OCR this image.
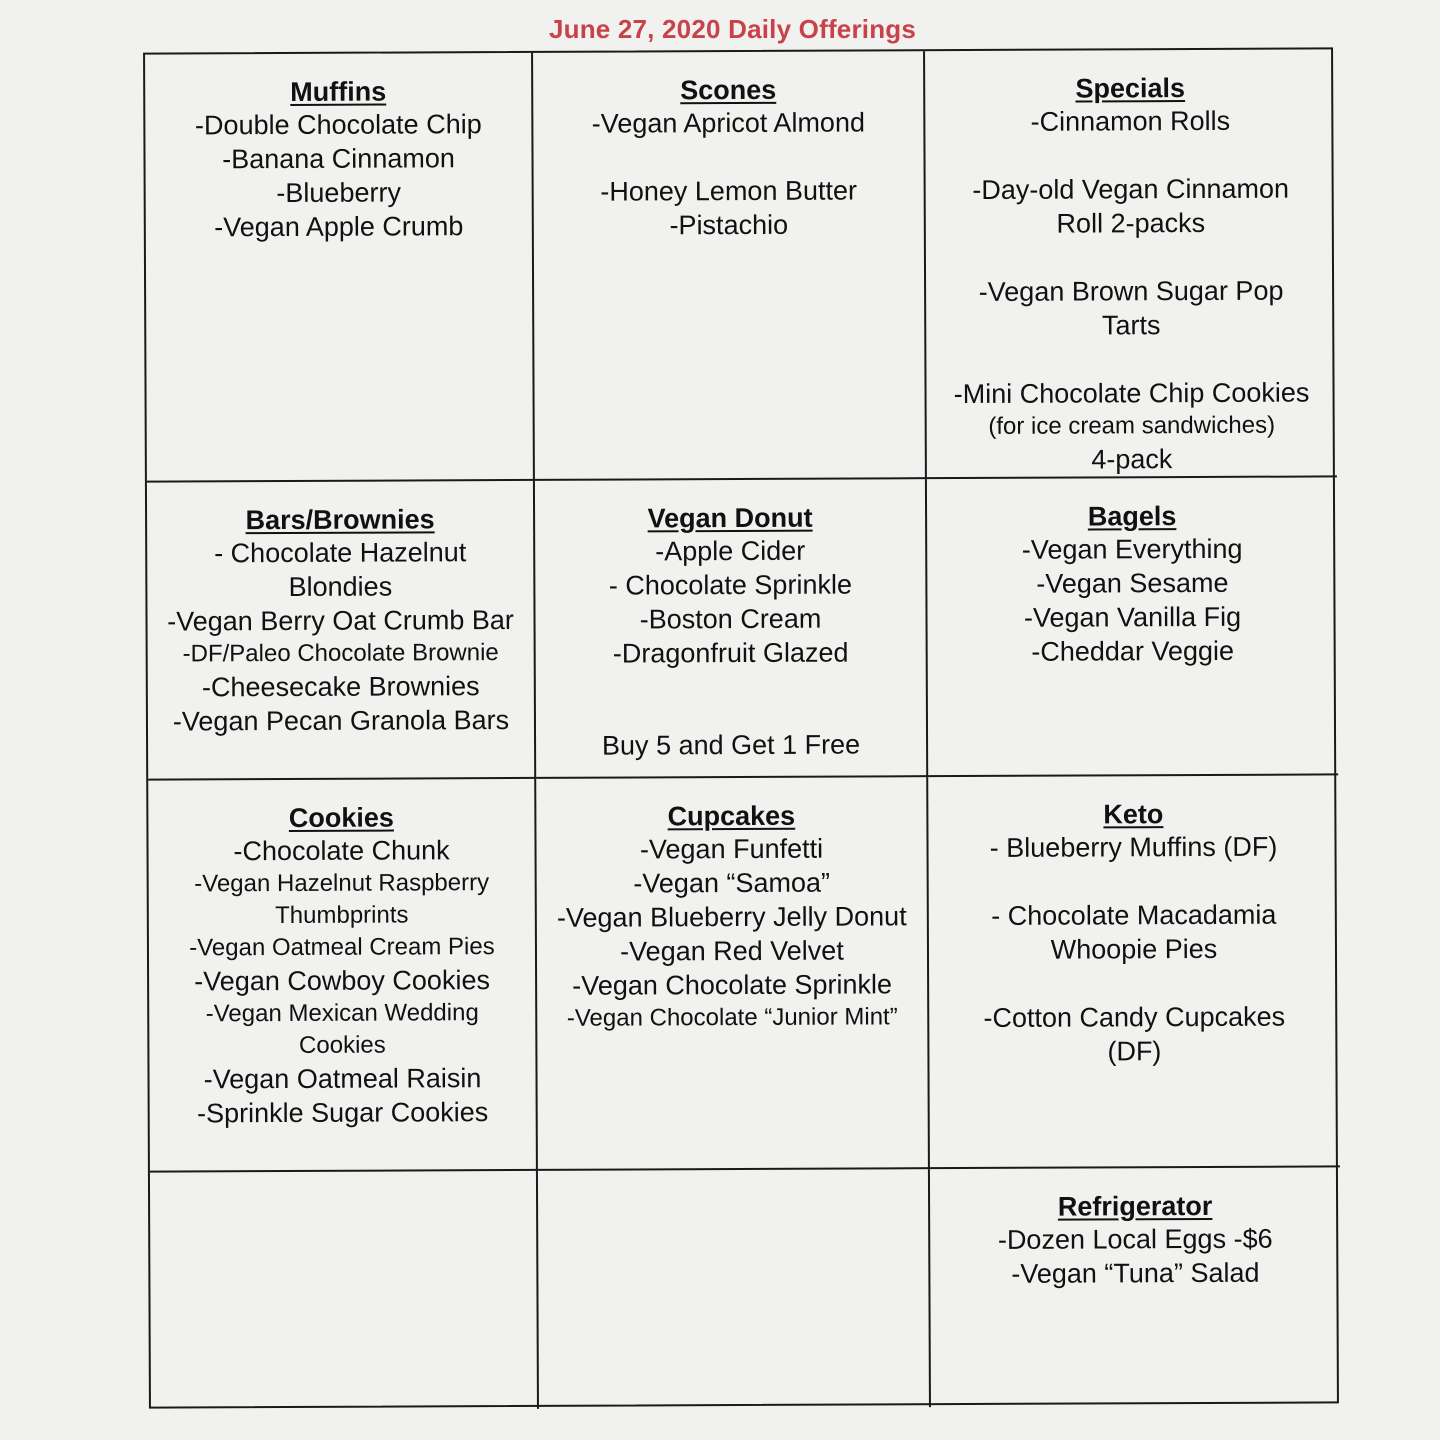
June 27, 2020 Daily Offerings
Muffins
-Double Chocolate Chip
-Banana Cinnamon
-Blueberry
-Vegan Apple Crumb
Scones
-Vegan Apricot Almond
-Honey Lemon Butter
-Pistachio
Specials
-Cinnamon Rolls
-Day-old Vegan Cinnamon
Roll 2-packs
-Vegan Brown Sugar Pop
Tarts
-Mini Chocolate Chip Cookies
(for ice cream sandwiches)
4-pack
Bars/Brownies
- Chocolate Hazelnut
Blondies
-Vegan Berry Oat Crumb Bar
-DF/Paleo Chocolate Brownie
-Cheesecake Brownies
-Vegan Pecan Granola Bars
Vegan Donut
-Apple Cider
- Chocolate Sprinkle
-Boston Cream
-Dragonfruit Glazed
Buy 5 and Get 1 Free
Bagels
-Vegan Everything
-Vegan Sesame
-Vegan Vanilla Fig
-Cheddar Veggie
Cookies
-Chocolate Chunk
-Vegan Hazelnut Raspberry
Thumbprints
-Vegan Oatmeal Cream Pies
-Vegan Cowboy Cookies
-Vegan Mexican Wedding
Cookies
-Vegan Oatmeal Raisin
-Sprinkle Sugar Cookies
Cupcakes
-Vegan Funfetti
-Vegan “Samoa”
-Vegan Blueberry Jelly Donut
-Vegan Red Velvet
-Vegan Chocolate Sprinkle
-Vegan Chocolate “Junior Mint”
Keto
- Blueberry Muffins (DF)
- Chocolate Macadamia
Whoopie Pies
-Cotton Candy Cupcakes
(DF)
Refrigerator
-Dozen Local Eggs -$6
-Vegan “Tuna” Salad
